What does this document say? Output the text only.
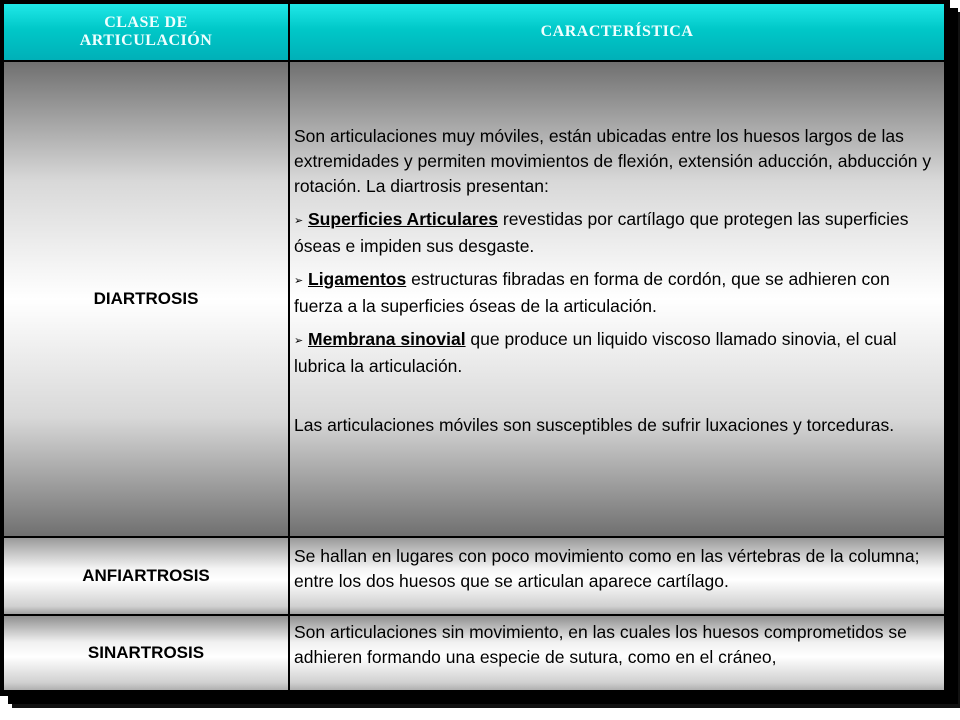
CLASE DE
ARTICULACIÓN
CARACTERÍSTICA
DIARTROSIS

Son articulaciones muy móviles, están ubicadas entre los huesos largos de las extremidades y permiten movimientos de flexión, extensión aducción, abducción y rotación. La diartrosis presentan:

➢ Superficies Articulares revestidas por cartílago que protegen las superficies óseas e impiden sus desgaste.

➢ Ligamentos estructuras fibradas en forma de cordón, que se adhieren con fuerza a la superficies óseas de la articulación.

➢ Membrana sinovial que produce un liquido viscoso llamado sinovia, el cual lubrica la articulación.

Las articulaciones móviles son susceptibles de sufrir luxaciones y torceduras.

ANFIARTROSIS
Se hallan en lugares con poco movimiento como en las vértebras de la columna; entre los dos huesos que se articulan aparece cartílago.
SINARTROSIS
Son articulaciones sin movimiento, en las cuales los huesos comprometidos se adhieren formando una especie de sutura, como en el cráneo,
